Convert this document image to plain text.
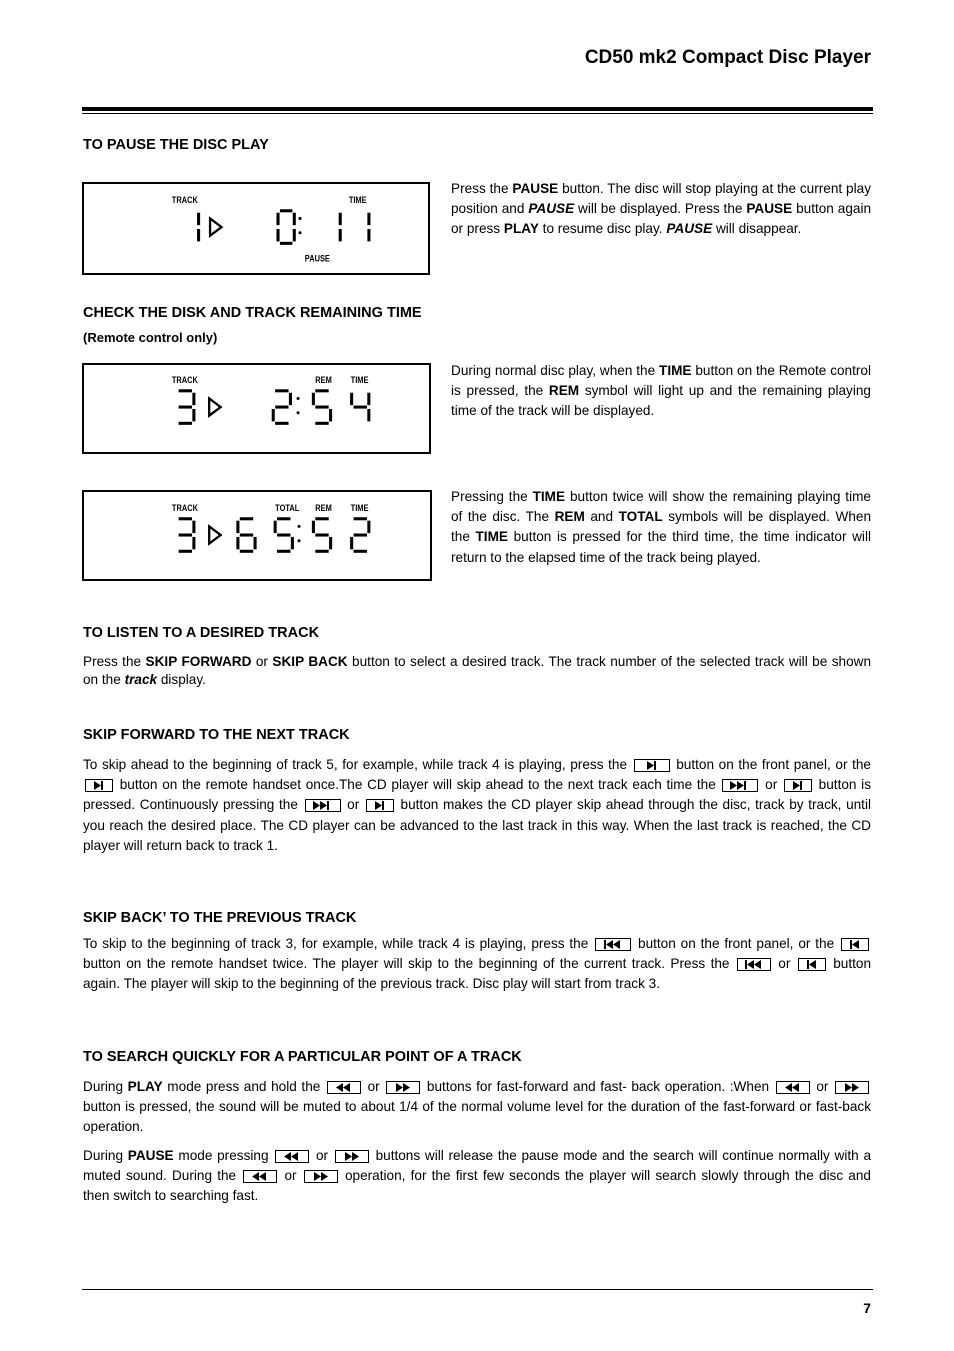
CD50 mk2 Compact Disc Player
TO PAUSE THE DISC PLAY
TRACK	TIME
PAUSE

Press the PAUSE button. The disc will stop playing at the current play position and PAUSE will be displayed. Press the PAUSE button again or press PLAY to resume disc play. PAUSE will disappear.

CHECK THE DISK AND TRACK REMAINING TIME

(Remote control only)

TRACK	REM TIME

During normal disc play, when the TIME button on the Remote control is pressed, the REM symbol will light up and the remaining playing time of the track will be displayed.

TRACK	TOTAL REM TIME

Pressing the TIME button twice will show the remaining playing time of the disc. The REM and TOTAL symbols will be displayed. When the TIME button is pressed for the third time, the time indicator will return to the elapsed time of the track being played.

TO LISTEN TO A DESIRED TRACK

Press the SKIP FORWARD or SKIP BACK button to select a desired track. The track number of the selected track will be shown on the track display.

SKIP FORWARD TO THE NEXT TRACK

To skip ahead to the beginning of track 5, for example, while track 4 is playing, press the	button on the front panel, or the
button on the remote handset once.The CD player will skip ahead to the next track each time the	or
button is pressed. Continuously pressing the	or
button makes the CD player skip ahead through the disc, track by track, until you reach the desired place. The CD player can be advanced to the last track in this way. When the last track is reached, the CD player will return back to track 1.

SKIP BACK’ TO THE PREVIOUS TRACK

To skip to the beginning of track 3, for example, while track 4 is playing, press the	button on the front panel, or the
button on the remote handset twice. The player will skip to the beginning of the current track. Press the	or
button again. The player will skip to the beginning of the previous track. Disc play will start from track 3.

TO SEARCH QUICKLY FOR A PARTICULAR POINT OF A TRACK

During PLAY mode press and hold the	or	buttons for fast-forward and fast- back operation. :When	or
button is pressed, the sound will be muted to about 1/4 of the normal volume level for the duration of the fast-forward or fast-back operation.

During PAUSE mode pressing	or	buttons will release the pause mode and the search will continue normally with a muted sound. During the	or	operation, for the first few seconds the player will search slowly through the disc and then switch to searching fast.

7
